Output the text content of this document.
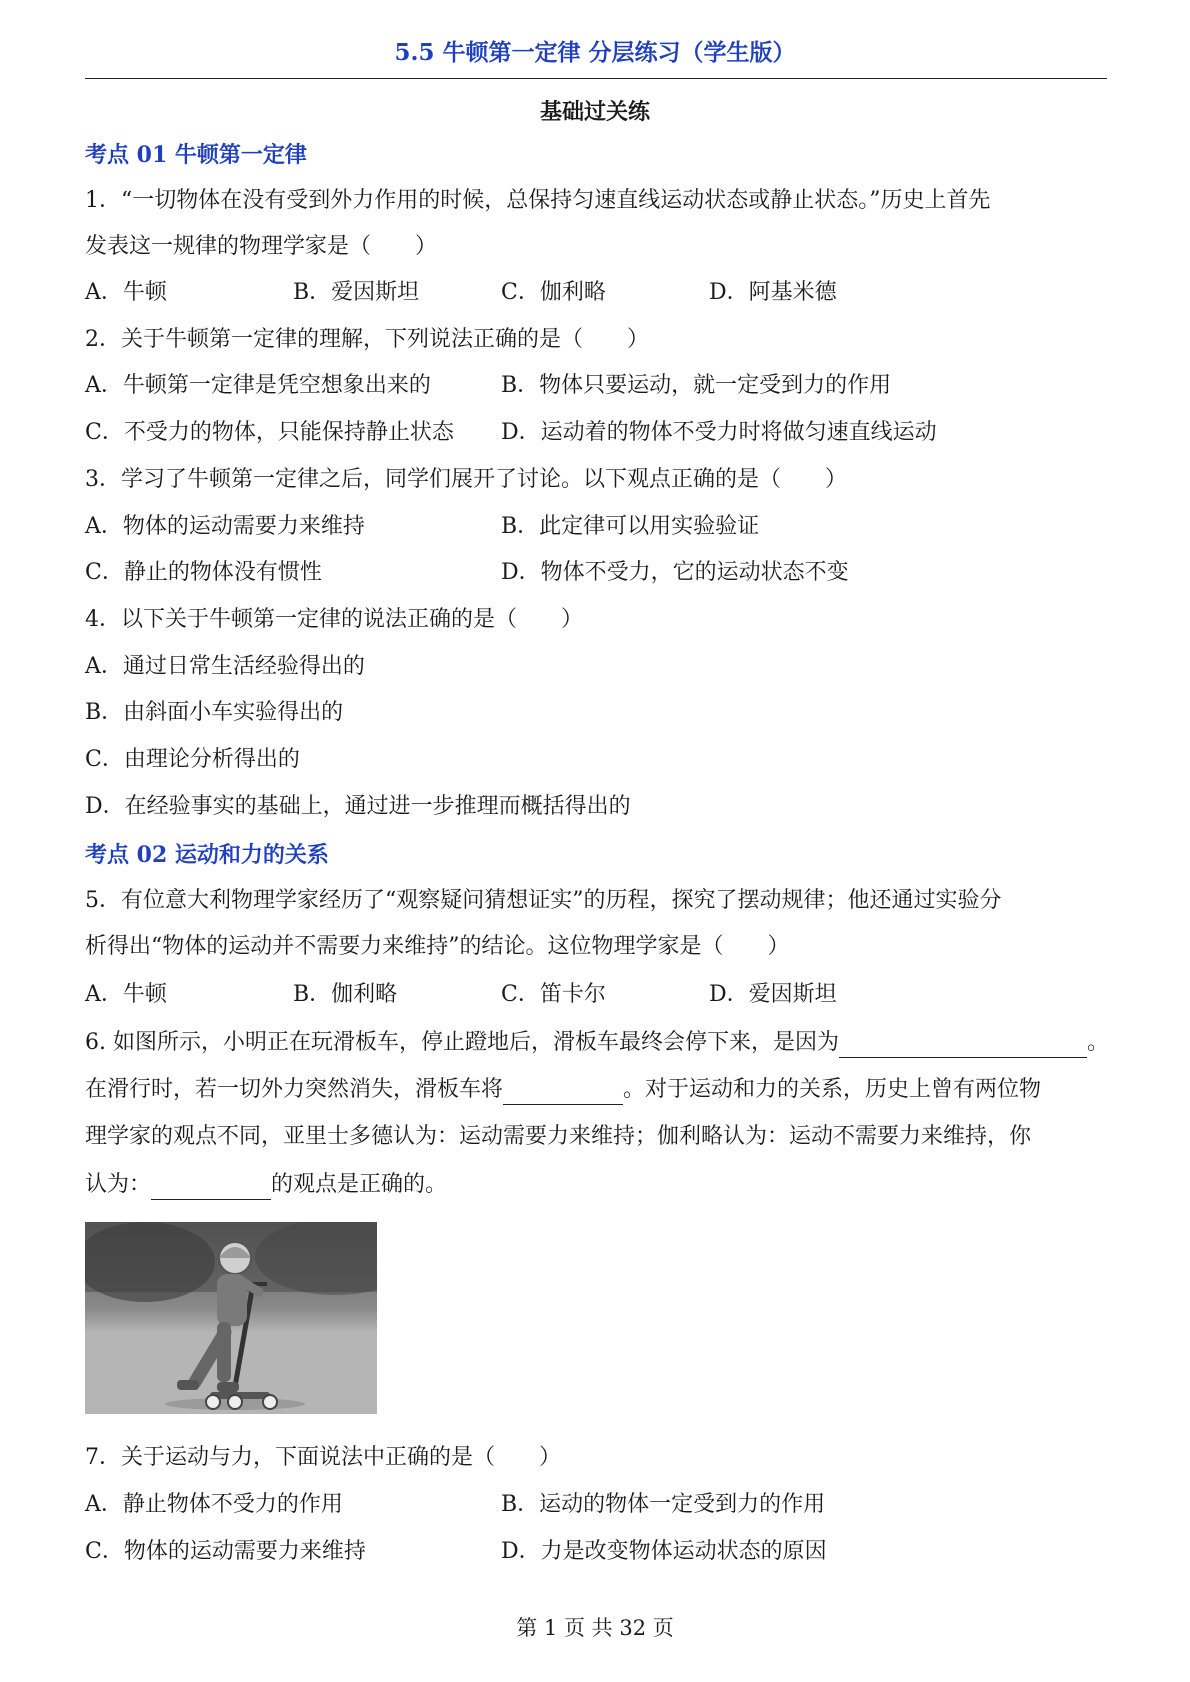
5.5 牛顿第一定律 分层练习（学生版）
基础过关练
考点 01 牛顿第一定律
1．“一切物体在没有受到外力作用的时候，总保持匀速直线运动状态或静止状态。”历史上首先
发表这一规律的物理学家是（　　）
A．牛顿	B．爱因斯坦	C．伽利略	D．阿基米德
2．关于牛顿第一定律的理解，下列说法正确的是（　　）
A．牛顿第一定律是凭空想象出来的	B．物体只要运动，就一定受到力的作用
C．不受力的物体，只能保持静止状态 D．运动着的物体不受力时将做匀速直线运动
3．学习了牛顿第一定律之后，同学们展开了讨论。以下观点正确的是（　　）
A．物体的运动需要力来维持	B．此定律可以用实验验证
C．静止的物体没有惯性	D．物体不受力，它的运动状态不变
4．以下关于牛顿第一定律的说法正确的是（　　）
A．通过日常生活经验得出的
B．由斜面小车实验得出的
C．由理论分析得出的
D．在经验事实的基础上，通过进一步推理而概括得出的
考点 02 运动和力的关系
5．有位意大利物理学家经历了“观察疑问猜想证实”的历程，探究了摆动规律；他还通过实验分
析得出“物体的运动并不需要力来维持”的结论。这位物理学家是（　　）
A．牛顿	B．伽利略	C．笛卡尔	D．爱因斯坦
6. 如图所示，小明正在玩滑板车，停止蹬地后，滑板车最终会停下来，是因为	。
在滑行时，若一切外力突然消失，滑板车将	。对于运动和力的关系，历史上曾有两位物
理学家的观点不同，亚里士多德认为：运动需要力来维持；伽利略认为：运动不需要力来维持，你
认为：	的观点是正确的。
7．关于运动与力，下面说法中正确的是（　　）
A．静止物体不受力的作用	B．运动的物体一定受到力的作用
C．物体的运动需要力来维持	D．力是改变物体运动状态的原因
第 1 页 共 32 页
